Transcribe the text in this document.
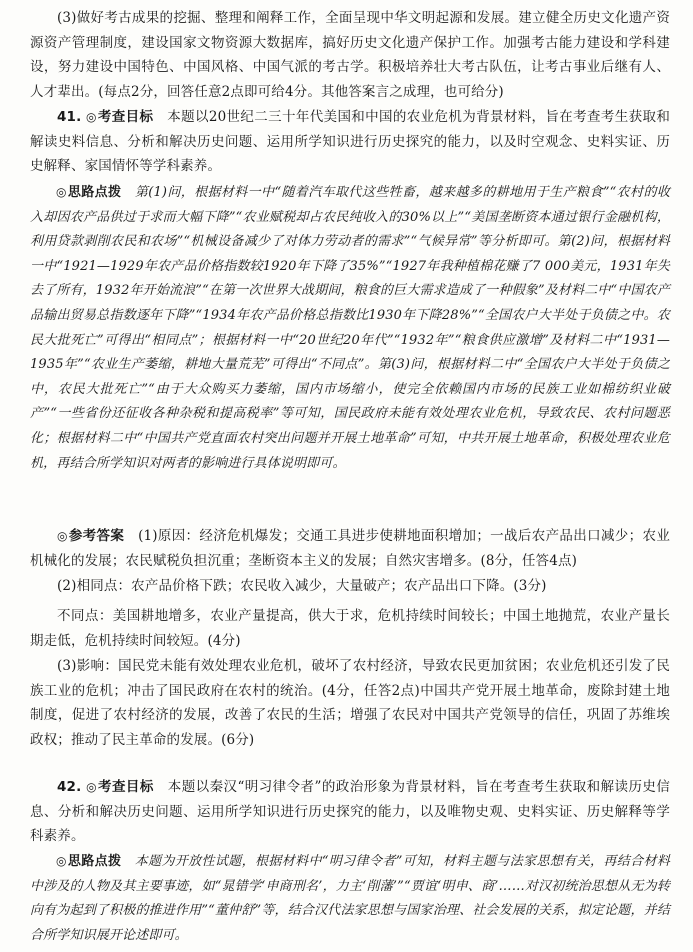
(3)做好考古成果的挖掘、整理和阐释工作，全面呈现中华文明起源和发展。建立健全历史文化遗产资源资产管理制度，建设国家文物资源大数据库，搞好历史文化遗产保护工作。加强考古能力建设和学科建设，努力建设中国特色、中国风格、中国气派的考古学。积极培养壮大考古队伍，让考古事业后继有人、人才辈出。(每点2分，回答任意2点即可给4分。其他答案言之成理，也可给分)

41. ◎考查目标　 本题以20世纪二三十年代美国和中国的农业危机为背景材料，旨在考查考生获取和解读史料信息、分析和解决历史问题、运用所学知识进行历史探究的能力，以及时空观念、史料实证、历史解释、家国情怀等学科素养。

◎思路点拨　 第(1)问，根据材料一中“随着汽车取代这些牲畜，越来越多的耕地用于生产粮食”“农村的收入却因农产品供过于求而大幅下降”“农业赋税却占农民纯收入的30%以上”“美国垄断资本通过银行金融机构，利用贷款剥削农民和农场”“机械设备减少了对体力劳动者的需求”“气候异常”等分析即可。第(2)问，根据材料一中“1921—1929年农产品价格指数较1920年下降了35%”“1927年我种植棉花赚了7 000美元，1931年失去了所有，1932年开始流浪”“在第一次世界大战期间，粮食的巨大需求造成了一种假象”及材料二中“中国农产品输出贸易总指数逐年下降”“1934年农产品价格总指数比1930年下降28%”“全国农户大半处于负债之中。农民大批死亡”可得出“相同点”；根据材料一中“20世纪20年代”“1932年”“粮食供应激增”及材料二中“1931—1935年”“农业生产萎缩，耕地大量荒芜”可得出“不同点”。第(3)问，根据材料二中“全国农户大半处于负债之中，农民大批死亡”“由于大众购买力萎缩，国内市场缩小，使完全依赖国内市场的民族工业如棉纺织业破产”“一些省份还征收各种杂税和提高税率”等可知，国民政府未能有效处理农业危机，导致农民、农村问题恶化；根据材料二中“中国共产党直面农村突出问题并开展土地革命”可知，中共开展土地革命，积极处理农业危机，再结合所学知识对两者的影响进行具体说明即可。

◎参考答案　 (1)原因：经济危机爆发；交通工具进步使耕地面积增加；一战后农产品出口减少；农业机械化的发展；农民赋税负担沉重；垄断资本主义的发展；自然灾害增多。(8分，任答4点)

(2)相同点：农产品价格下跌；农民收入减少，大量破产；农产品出口下降。(3分)

不同点：美国耕地增多，农业产量提高，供大于求，危机持续时间较长；中国土地抛荒，农业产量长期走低，危机持续时间较短。(4分)

(3)影响：国民党未能有效处理农业危机，破坏了农村经济，导致农民更加贫困；农业危机还引发了民族工业的危机；冲击了国民政府在农村的统治。(4分，任答2点)中国共产党开展土地革命，废除封建土地制度，促进了农村经济的发展，改善了农民的生活；增强了农民对中国共产党领导的信任，巩固了苏维埃政权；推动了民主革命的发展。(6分)

42. ◎考查目标　 本题以秦汉“明习律令者”的政治形象为背景材料，旨在考查考生获取和解读历史信息、分析和解决历史问题、运用所学知识进行历史探究的能力，以及唯物史观、史料实证、历史解释等学科素养。

◎思路点拨　 本题为开放性试题，根据材料中“明习律令者”可知，材料主题与法家思想有关，再结合材料中涉及的人物及其主要事迹，如“晁错学‘申商刑名’，力主‘削藩’”“贾谊‘明申、商’……对汉初统治思想从无为转向有为起到了积极的推进作用”“董仲舒”等，结合汉代法家思想与国家治理、社会发展的关系，拟定论题，并结合所学知识展开论述即可。
